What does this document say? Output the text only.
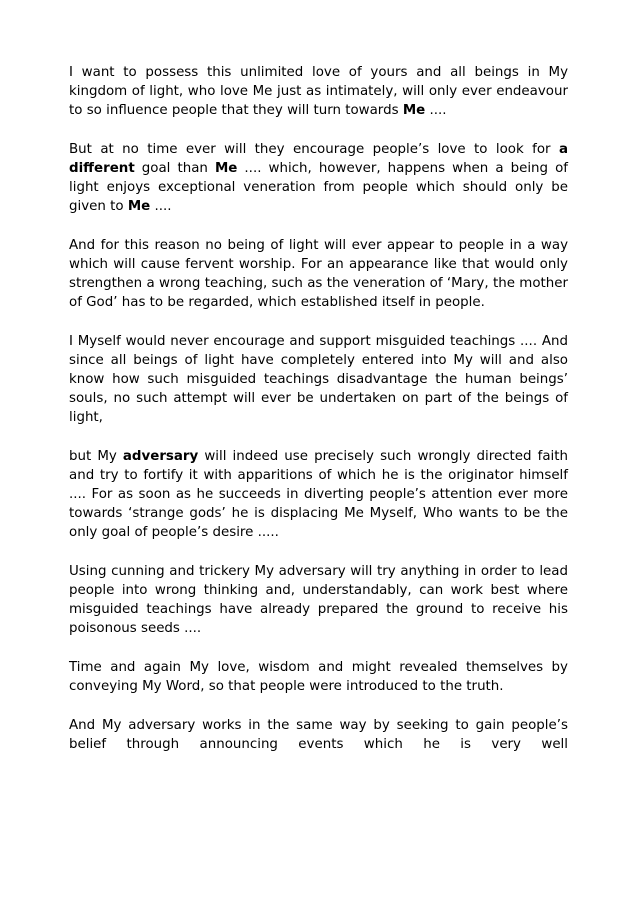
I want to possess this unlimited love of yours and all beings in My kingdom of light, who love Me just as intimately, will only ever endeavour to so influence people that they will turn towards Me ....

But at no time ever will they encourage people’s love to look for a different goal than Me .... which, however, happens when a being of light enjoys exceptional veneration from people which should only be given to Me ....

And for this reason no being of light will ever appear to people in a way which will cause fervent worship. For an appearance like that would only strengthen a wrong teaching, such as the veneration of ‘Mary, the mother of God’ has to be regarded, which established itself in people.

I Myself would never encourage and support misguided teachings .... And since all beings of light have completely entered into My will and also know how such misguided teachings disadvantage the human beings’ souls, no such attempt will ever be undertaken on part of the beings of light,

but My adversary will indeed use precisely such wrongly directed faith and try to fortify it with apparitions of which he is the originator himself .... For as soon as he succeeds in diverting people’s attention ever more towards ‘strange gods’ he is displacing Me Myself, Who wants to be the only goal of people’s desire .....

Using cunning and trickery My adversary will try anything in order to lead people into wrong thinking and, understandably, can work best where misguided teachings have already prepared the ground to receive his poisonous seeds ....

Time and again My love, wisdom and might revealed themselves by conveying My Word, so that people were introduced to the truth.

And My adversary works in the same way by seeking to gain people’s belief through announcing events which he is very well
